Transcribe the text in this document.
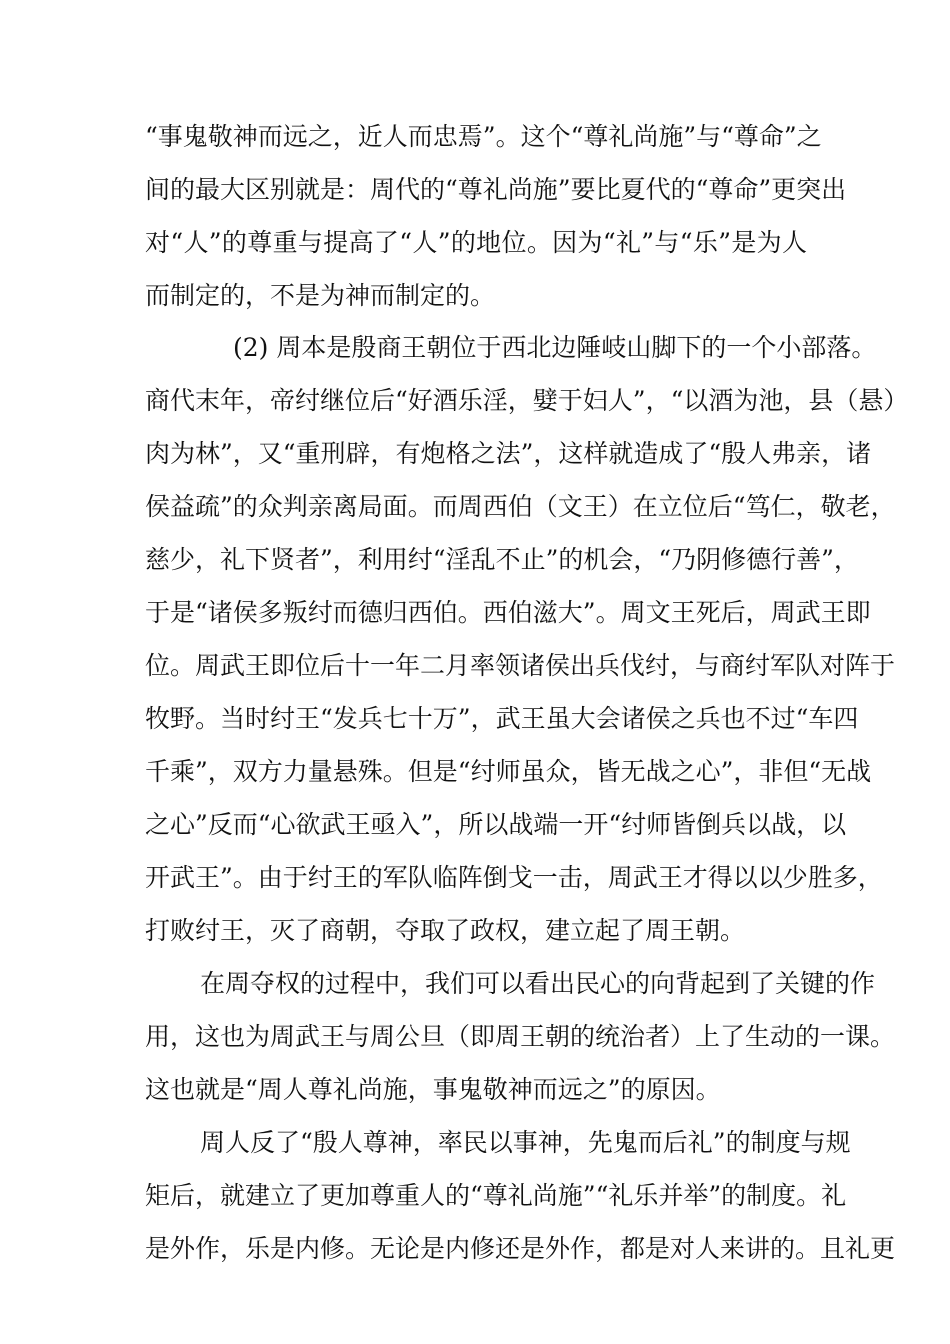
“事鬼敬神而远之，近人而忠焉”。这个“尊礼尚施”与“尊命”之
间的最大区别就是：周代的“尊礼尚施”要比夏代的“尊命”更突出
对“人”的尊重与提高了“人”的地位。因为“礼”与“乐”是为人
而制定的，不是为神而制定的。
(2) 周本是殷商王朝位于西北边陲岐山脚下的一个小部落。
商代末年，帝纣继位后“好酒乐淫，嬖于妇人”，“以酒为池，县（悬）
肉为林”，又“重刑辟，有炮格之法”，这样就造成了“殷人弗亲，诸
侯益疏”的众判亲离局面。而周西伯（文王）在立位后“笃仁，敬老，
慈少，礼下贤者”，利用纣“淫乱不止”的机会，“乃阴修德行善”，
于是“诸侯多叛纣而德归西伯。西伯滋大”。周文王死后，周武王即
位。周武王即位后十一年二月率领诸侯出兵伐纣，与商纣军队对阵于
牧野。当时纣王“发兵七十万”，武王虽大会诸侯之兵也不过“车四
千乘”，双方力量悬殊。但是“纣师虽众，皆无战之心”，非但“无战
之心”反而“心欲武王亟入”，所以战端一开“纣师皆倒兵以战，以
开武王”。由于纣王的军队临阵倒戈一击，周武王才得以以少胜多，
打败纣王，灭了商朝，夺取了政权，建立起了周王朝。
在周夺权的过程中，我们可以看出民心的向背起到了关键的作
用，这也为周武王与周公旦（即周王朝的统治者）上了生动的一课。
这也就是“周人尊礼尚施，事鬼敬神而远之”的原因。
周人反了“殷人尊神，率民以事神，先鬼而后礼”的制度与规
矩后，就建立了更加尊重人的“尊礼尚施”“礼乐并举”的制度。礼
是外作，乐是内修。无论是内修还是外作，都是对人来讲的。且礼更
